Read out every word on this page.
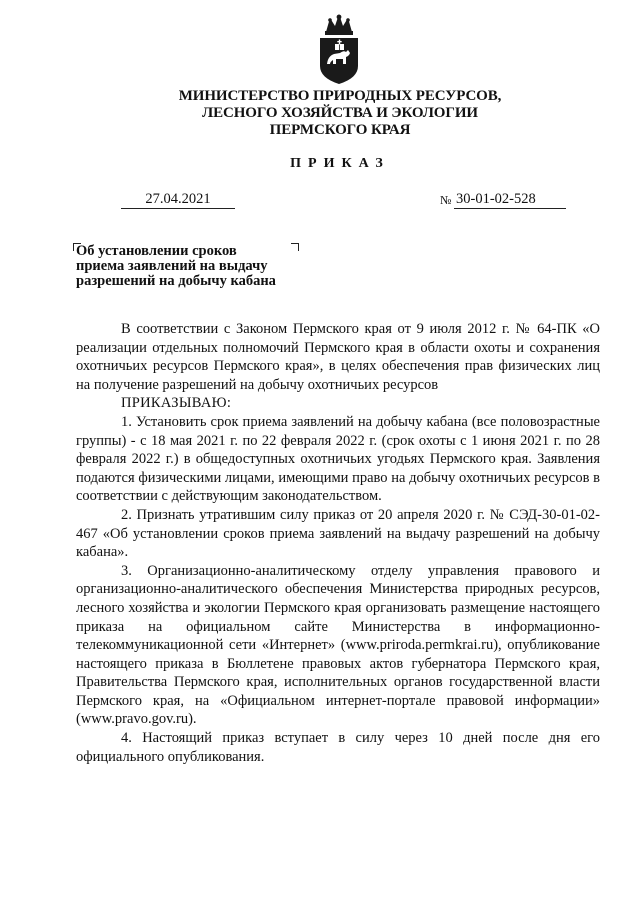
МИНИСТЕРСТВО ПРИРОДНЫХ РЕСУРСОВ,
ЛЕСНОГО ХОЗЯЙСТВА И ЭКОЛОГИИ
ПЕРМСКОГО КРАЯ
ПРИКАЗ
27.04.2021	№ 30-01-02-528
Об установлении сроков
приема заявлений на выдачу
разрешений на добычу кабана

В соответствии с Законом Пермского края от 9 июля 2012 г. № 64-ПК «О реализации отдельных полномочий Пермского края в области охоты и сохранения охотничьих ресурсов Пермского края», в целях обеспечения прав физических лиц на получение разрешений на добычу охотничьих ресурсов

ПРИКАЗЫВАЮ:

1. Установить срок приема заявлений на добычу кабана (все половозрастные группы) - с 18 мая 2021 г. по 22 февраля 2022 г. (срок охоты с 1 июня 2021 г. по 28 февраля 2022 г.) в общедоступных охотничьих угодьях Пермского края. Заявления подаются физическими лицами, имеющими право на добычу охотничьих ресурсов в соответствии с действующим законодательством.

2. Признать утратившим силу приказ от 20 апреля 2020 г. № СЭД-30-01-02-467 «Об установлении сроков приема заявлений на выдачу разрешений на добычу кабана».

3. Организационно-аналитическому отделу управления правового и организационно-аналитического обеспечения Министерства природных ресурсов, лесного хозяйства и экологии Пермского края организовать размещение настоящего приказа на официальном сайте Министерства в информационно-телекоммуникационной сети «Интернет» (www.priroda.permkrai.ru), опубликование настоящего приказа в Бюллетене правовых актов губернатора Пермского края, Правительства Пермского края, исполнительных органов государственной власти Пермского края, на «Официальном интернет-портале правовой информации» (www.pravo.gov.ru).

4. Настоящий приказ вступает в силу через 10 дней после дня его официального опубликования.
